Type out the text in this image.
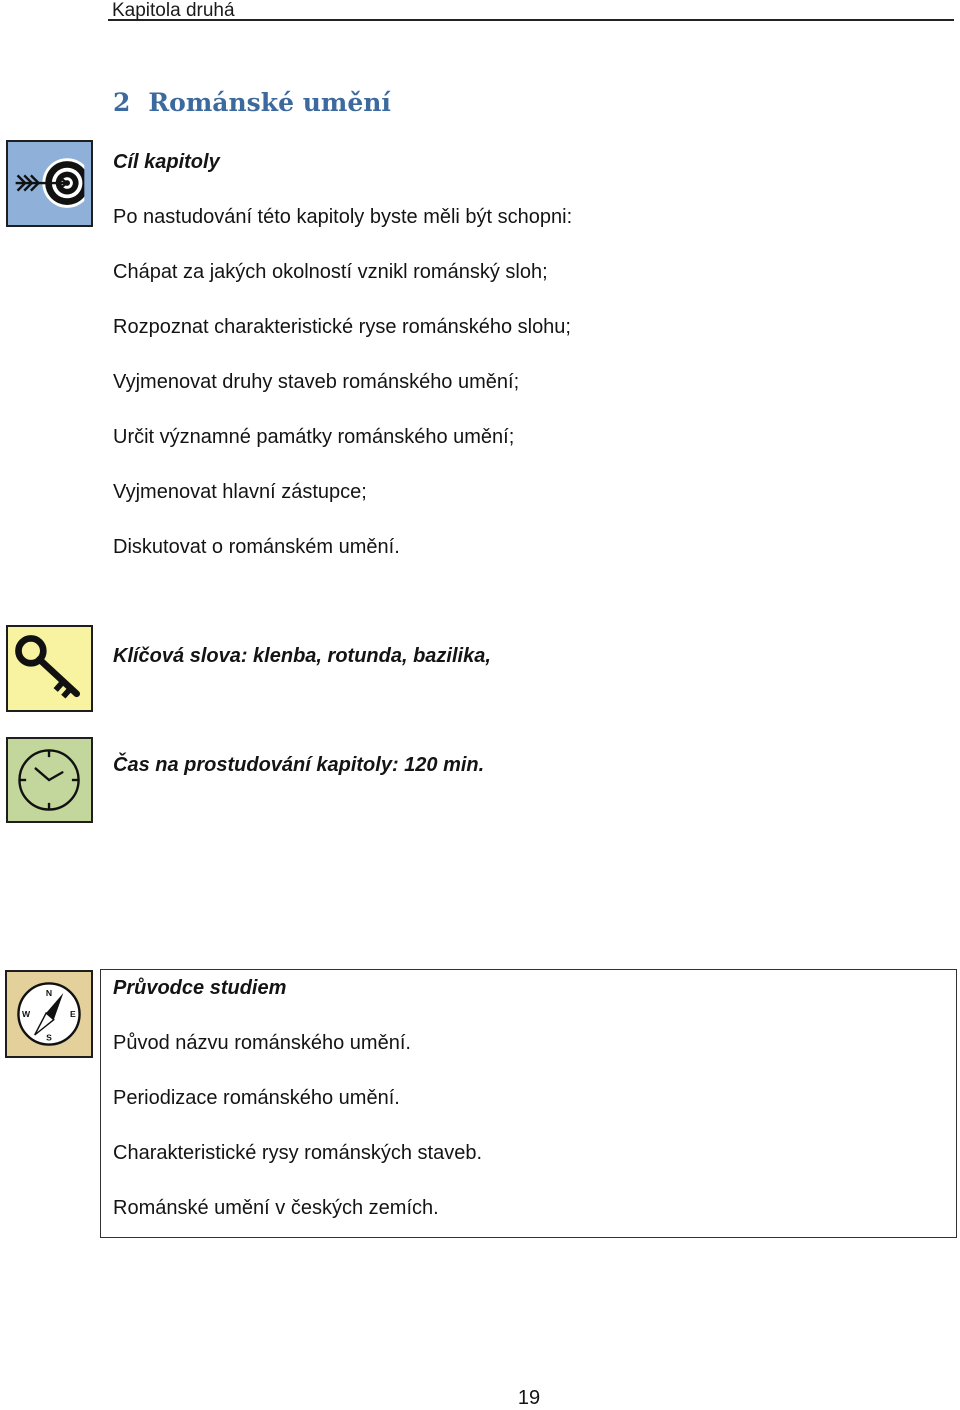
Kapitola druhá
2 Románské umění
Cíl kapitoly
Po nastudování této kapitoly byste měli být schopni:
Chápat za jakých okolností vznikl románský sloh;
Rozpoznat charakteristické ryse románského slohu;
Vyjmenovat druhy staveb románského umění;
Určit významné památky románského umění;
Vyjmenovat hlavní zástupce;
Diskutovat o románském umění.
Klíčová slova: klenba, rotunda, bazilika,
Čas na prostudování kapitoly: 120 min.
N
S
E
W
Průvodce studiem
Původ názvu románského umění.
Periodizace románského umění.
Charakteristické rysy románských staveb.
Románské umění v českých zemích.
19
